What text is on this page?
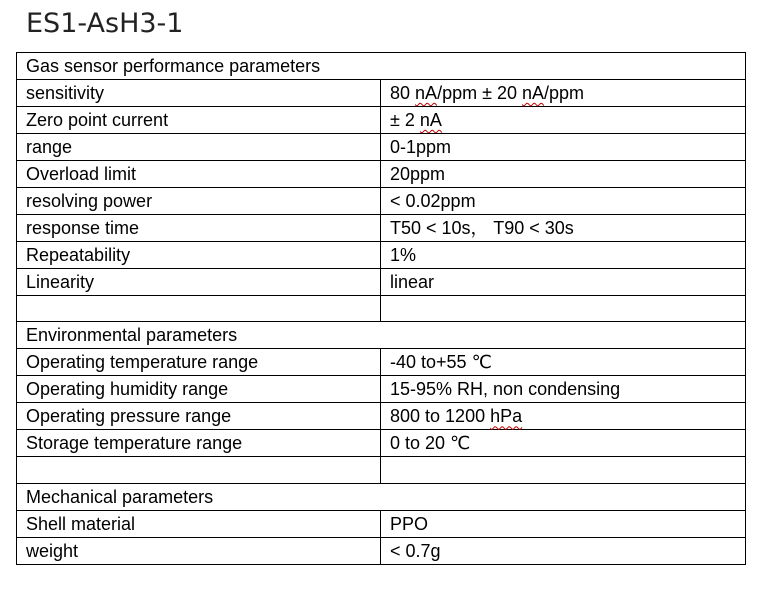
ES1-AsH3-1
Gas sensor performance parameters	
sensitivity	80 nA/ppm ± 20 nA/ppm
Zero point current	± 2 nA
range	0-1ppm
Overload limit	20ppm
resolving power	< 0.02ppm
response time	T50 < 10s， T90 < 30s
Repeatability	1%
Linearity	linear

Environmental parameters	
Operating temperature range	-40 to+55 ℃
Operating humidity range	15-95% RH, non condensing
Operating pressure range	800 to 1200 hPa
Storage temperature range	0 to 20 ℃

Mechanical parameters	
Shell material	PPO
weight	< 0.7g
